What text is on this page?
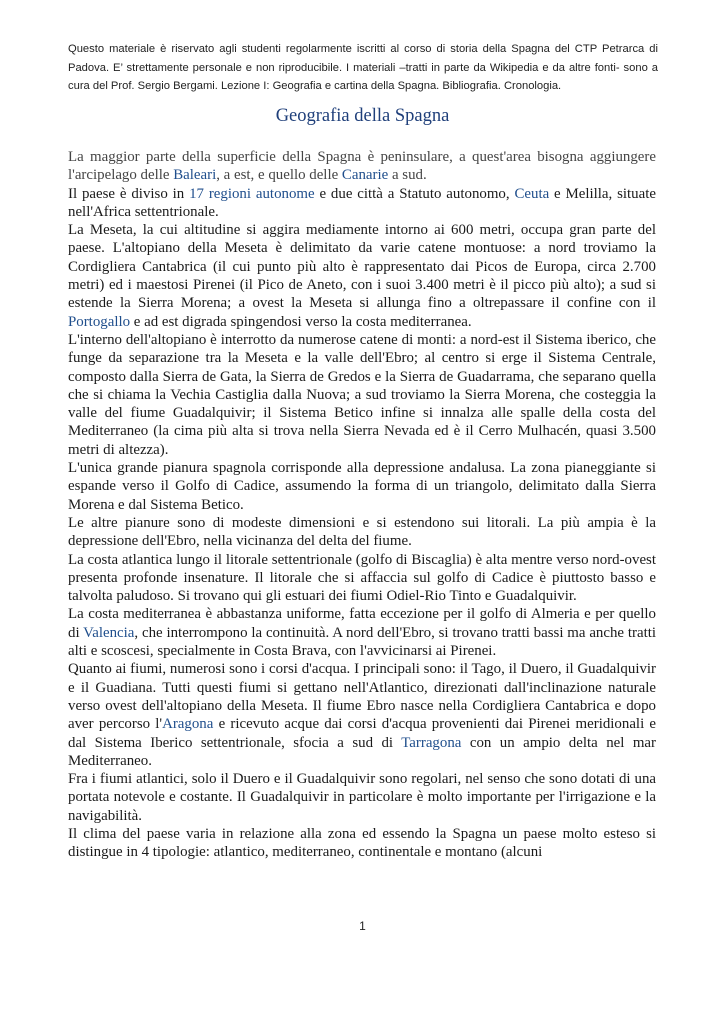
Questo materiale è riservato agli studenti regolarmente iscritti al corso di storia della Spagna del CTP Petrarca di Padova. E’ strettamente personale e non riproducibile. I materiali –tratti in parte da Wikipedia e da altre fonti- sono a cura del Prof. Sergio Bergami. Lezione I: Geografia e cartina della Spagna. Bibliografia. Cronologia.
Geografia della Spagna

La maggior parte della superficie della Spagna è peninsulare, a quest'area bisogna aggiungere l'arcipelago delle Baleari, a est, e quello delle Canarie a sud.

Il paese è diviso in 17 regioni autonome e due città a Statuto autonomo, Ceuta e Melilla, situate nell'Africa settentrionale.

La Meseta, la cui altitudine si aggira mediamente intorno ai 600 metri, occupa gran parte del paese. L'altopiano della Meseta è delimitato da varie catene montuose: a nord troviamo la Cordigliera Cantabrica (il cui punto più alto è rappresentato dai Picos de Europa, circa 2.700 metri) ed i maestosi Pirenei (il Pico de Aneto, con i suoi 3.400 metri è il picco più alto); a sud si estende la Sierra Morena; a ovest la Meseta si allunga fino a oltrepassare il confine con il Portogallo e ad est digrada spingendosi verso la costa mediterranea.

L'interno dell'altopiano è interrotto da numerose catene di monti: a nord-est il Sistema iberico, che funge da separazione tra la Meseta e la valle dell'Ebro; al centro si erge il Sistema Centrale, composto dalla Sierra de Gata, la Sierra de Gredos e la Sierra de Guadarrama, che separano quella che si chiama la Vechia Castiglia dalla Nuova; a sud troviamo la Sierra Morena, che costeggia la valle del fiume Guadalquivir; il Sistema Betico infine si innalza alle spalle della costa del Mediterraneo (la cima più alta si trova nella Sierra Nevada ed è il Cerro Mulhacén, quasi 3.500 metri di altezza).

L'unica grande pianura spagnola corrisponde alla depressione andalusa. La zona pianeggiante si espande verso il Golfo di Cadice, assumendo la forma di un triangolo, delimitato dalla Sierra Morena e dal Sistema Betico.

Le altre pianure sono di modeste dimensioni e si estendono sui litorali. La più ampia è la depressione dell'Ebro, nella vicinanza del delta del fiume.

La costa atlantica lungo il litorale settentrionale (golfo di Biscaglia) è alta mentre verso nord-ovest presenta profonde insenature. Il litorale che si affaccia sul golfo di Cadice è piuttosto basso e talvolta paludoso. Si trovano qui gli estuari dei fiumi Odiel-Rio Tinto e Guadalquivir.

La costa mediterranea è abbastanza uniforme, fatta eccezione per il golfo di Almeria e per quello di Valencia, che interrompono la continuità. A nord dell'Ebro, si trovano tratti bassi ma anche tratti alti e scoscesi, specialmente in Costa Brava, con l'avvicinarsi ai Pirenei.

Quanto ai fiumi, numerosi sono i corsi d'acqua. I principali sono: il Tago, il Duero, il Guadalquivir e il Guadiana. Tutti questi fiumi si gettano nell'Atlantico, direzionati dall'inclinazione naturale verso ovest dell'altopiano della Meseta. Il fiume Ebro nasce nella Cordigliera Cantabrica e dopo aver percorso l'Aragona e ricevuto acque dai corsi d'acqua provenienti dai Pirenei meridionali e dal Sistema Iberico settentrionale, sfocia a sud di Tarragona con un ampio delta nel mar Mediterraneo.

Fra i fiumi atlantici, solo il Duero e il Guadalquivir sono regolari, nel senso che sono dotati di una portata notevole e costante. Il Guadalquivir in particolare è molto importante per l'irrigazione e la navigabilità.

Il clima del paese varia in relazione alla zona ed essendo la Spagna un paese molto esteso si distingue in 4 tipologie: atlantico, mediterraneo, continentale e montano (alcuni

1
